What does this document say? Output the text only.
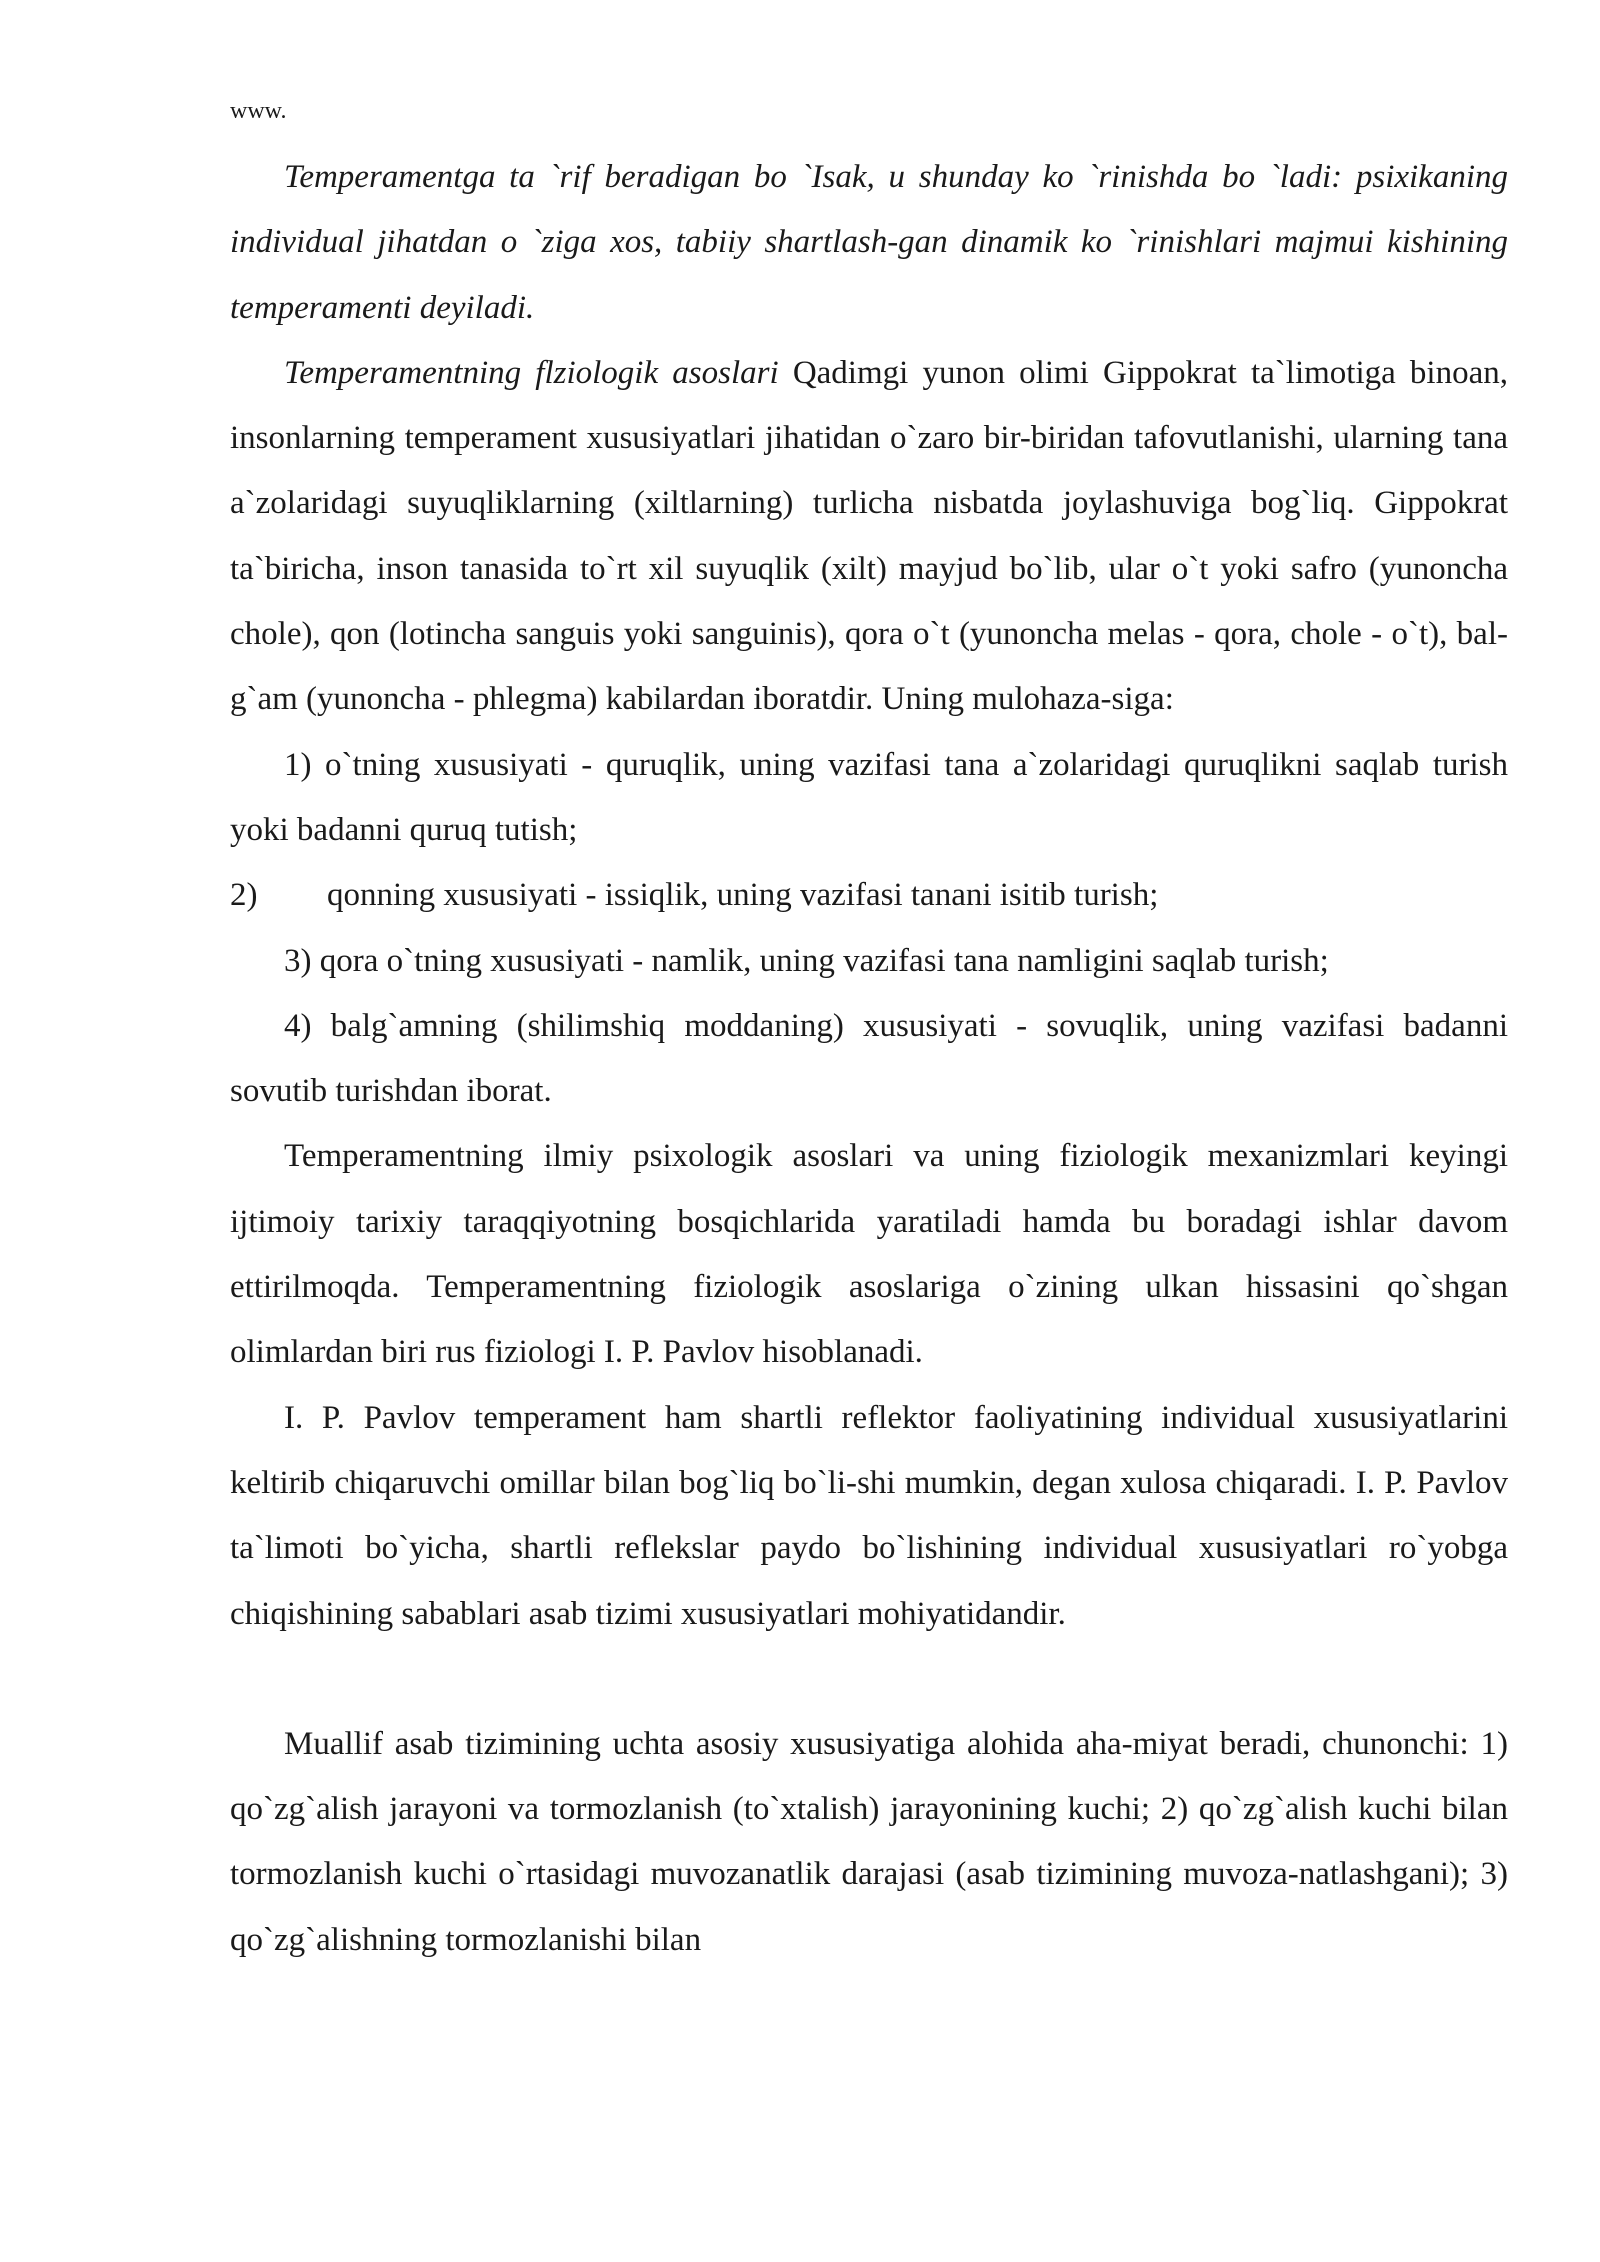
www.

Temperamentga ta `rif beradigan bo `Isak, u shunday ko `rinishda bo `ladi: psixikaning individual jihatdan o `ziga xos, tabiiy shartlash-gan dinamik ko `rinishlari majmui kishining temperamenti deyiladi.

Temperamentning flziologik asoslari Qadimgi yunon olimi Gippokrat ta`limotiga binoan, insonlarning temperament xususiyatlari jihatidan o`zaro bir-biridan tafovutlanishi, ularning tana a`zolaridagi suyuqliklarning (xiltlarning) turlicha nisbatda joylashuviga bog`liq. Gippokrat ta`biricha, inson tanasida to`rt xil suyuqlik (xilt) mayjud bo`lib, ular o`t yoki safro (yunoncha chole), qon (lotincha sanguis yoki sanguinis), qora o`t (yunoncha melas - qora, chole - o`t), bal-g`am (yunoncha - phlegma) kabilardan iboratdir. Uning mulohaza-siga:

1) o`tning xususiyati - quruqlik, uning vazifasi tana a`zolaridagi quruqlikni saqlab turish yoki badanni quruq tutish;

2) qonning xususiyati - issiqlik, uning vazifasi tanani isitib turish;

3) qora o`tning xususiyati - namlik, uning vazifasi tana namligini saqlab turish;

4) balg`amning (shilimshiq moddaning) xususiyati - sovuqlik, uning vazifasi badanni sovutib turishdan iborat.

Temperamentning ilmiy psixologik asoslari va uning fiziologik mexanizmlari keyingi ijtimoiy tarixiy taraqqiyotning bosqichlarida yaratiladi hamda bu boradagi ishlar davom ettirilmoqda. Temperamentning fiziologik asoslariga o`zining ulkan hissasini qo`shgan olimlardan biri rus fiziologi I. P. Pavlov hisoblanadi.

I. P. Pavlov temperament ham shartli reflektor faoliyatining individual xususiyatlarini keltirib chiqaruvchi omillar bilan bog`liq bo`li-shi mumkin, degan xulosa chiqaradi. I. P. Pavlov ta`limoti bo`yicha, shartli reflekslar paydo bo`lishining individual xususiyatlari ro`yobga chiqishining sabablari asab tizimi xususiyatlari mohiyatidandir.

Muallif asab tizimining uchta asosiy xususiyatiga alohida aha-miyat beradi, chunonchi: 1) qo`zg`alish jarayoni va tormozlanish (to`xtalish) jarayonining kuchi; 2) qo`zg`alish kuchi bilan tormozlanish kuchi o`rtasidagi muvozanatlik darajasi (asab tizimining muvoza-natlashgani); 3) qo`zg`alishning tormozlanishi bilan
